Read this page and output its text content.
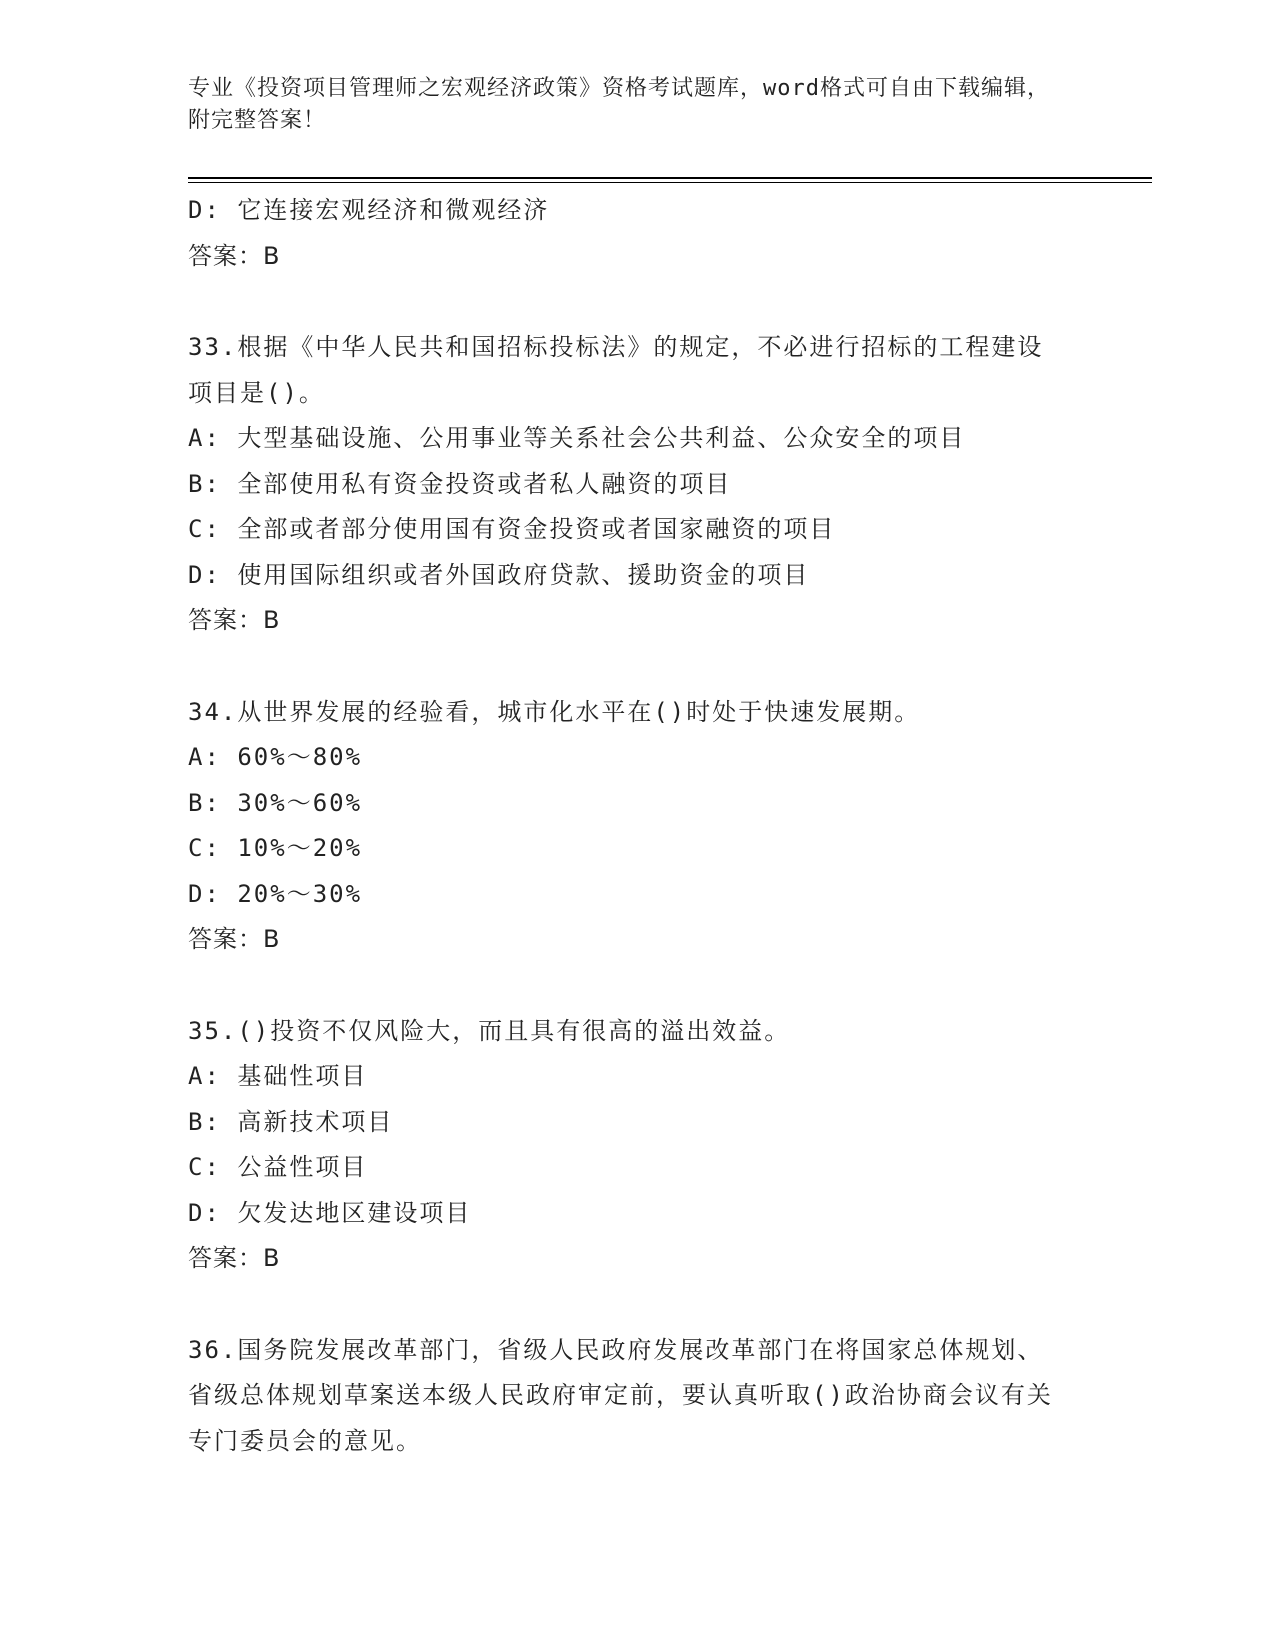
专业《投资项目管理师之宏观经济政策》资格考试题库，word格式可自由下载编辑，附完整答案！
D: 它连接宏观经济和微观经济
答案：B
33.根据《中华人民共和国招标投标法》的规定，不必进行招标的工程建设项目是()。
A: 大型基础设施、公用事业等关系社会公共利益、公众安全的项目
B: 全部使用私有资金投资或者私人融资的项目
C: 全部或者部分使用国有资金投资或者国家融资的项目
D: 使用国际组织或者外国政府贷款、援助资金的项目
答案：B
34.从世界发展的经验看，城市化水平在()时处于快速发展期。
A: 60%～80%
B: 30%～60%
C: 10%～20%
D: 20%～30%
答案：B
35.()投资不仅风险大，而且具有很高的溢出效益。
A: 基础性项目
B: 高新技术项目
C: 公益性项目
D: 欠发达地区建设项目
答案：B
36.国务院发展改革部门，省级人民政府发展改革部门在将国家总体规划、省级总体规划草案送本级人民政府审定前，要认真听取()政治协商会议有关专门委员会的意见。
